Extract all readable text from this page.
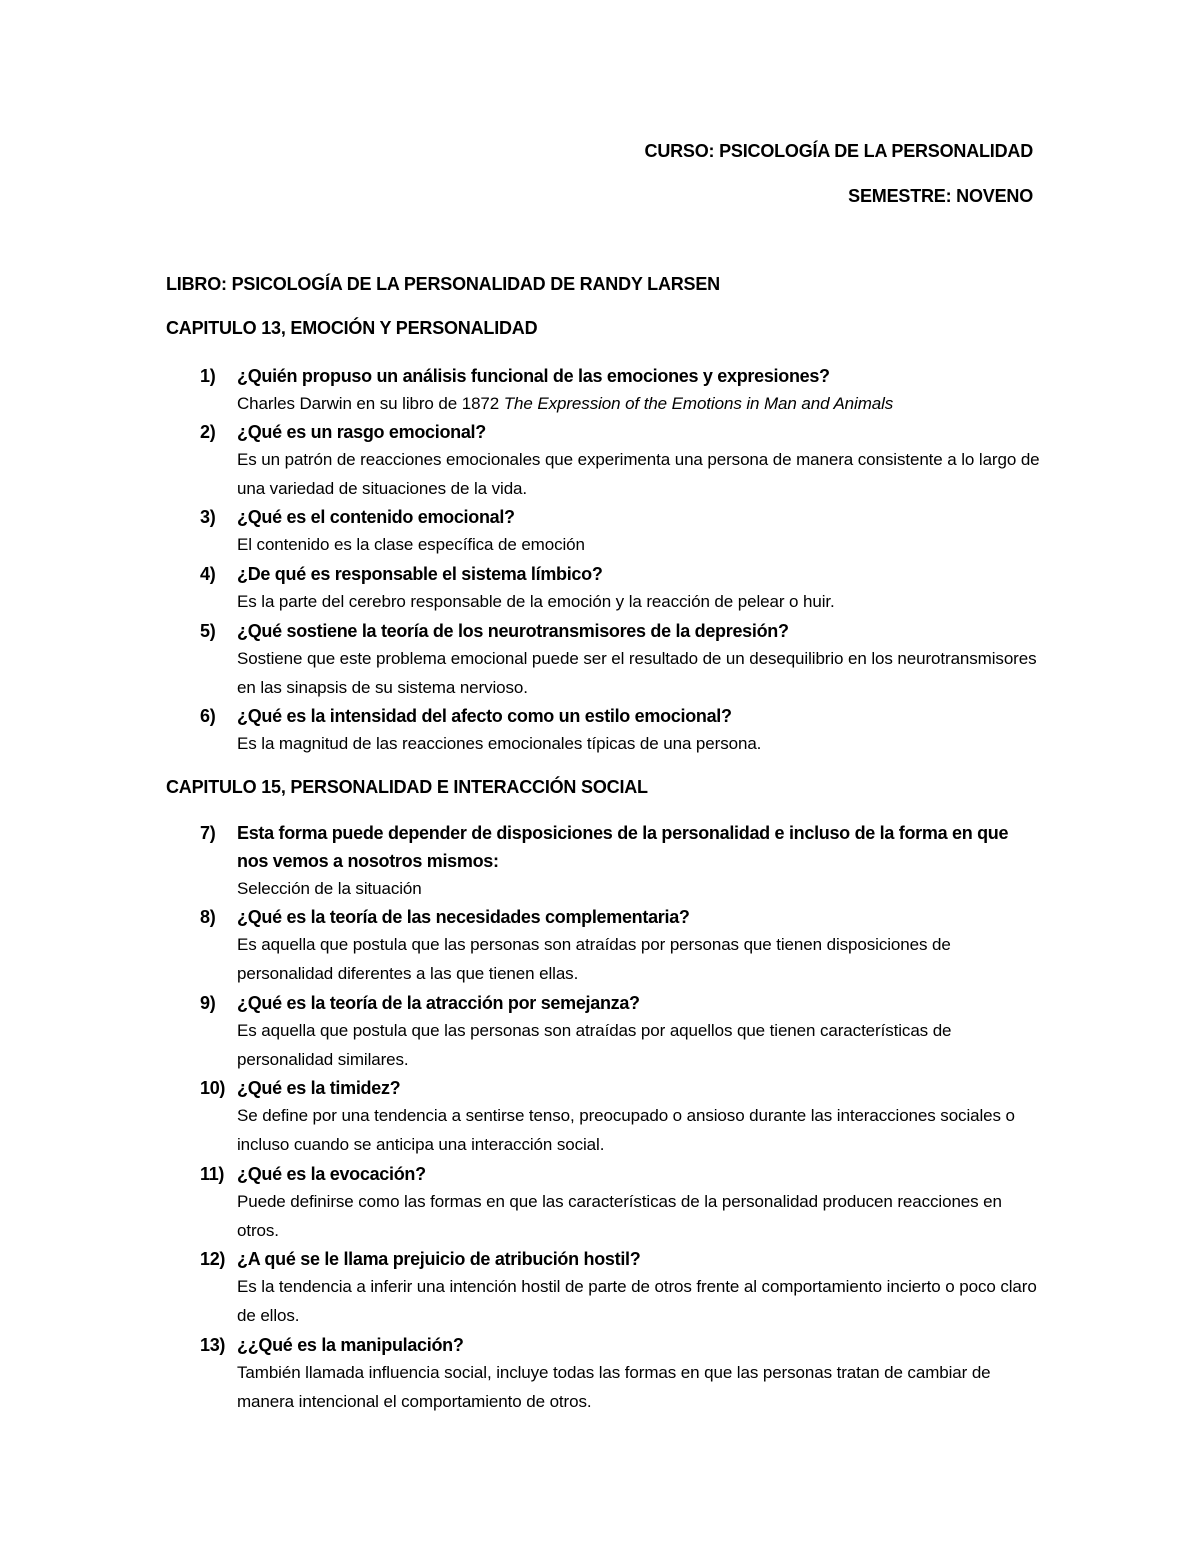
CURSO: PSICOLOGÍA DE LA PERSONALIDAD
SEMESTRE: NOVENO
LIBRO: PSICOLOGÍA DE LA PERSONALIDAD DE RANDY LARSEN
CAPITULO 13, EMOCIÓN Y PERSONALIDAD
1) ¿Quién propuso un análisis funcional de las emociones y expresiones?
Charles Darwin en su libro de 1872 The Expression of the Emotions in Man and Animals
2) ¿Qué es un rasgo emocional?
Es un patrón de reacciones emocionales que experimenta una persona de manera consistente a lo largo de una variedad de situaciones de la vida.
3) ¿Qué es el contenido emocional?
El contenido es la clase específica de emoción
4) ¿De qué es responsable el sistema límbico?
Es la parte del cerebro responsable de la emoción y la reacción de pelear o huir.
5) ¿Qué sostiene la teoría de los neurotransmisores de la depresión?
Sostiene que este problema emocional puede ser el resultado de un desequilibrio en los neurotransmisores en las sinapsis de su sistema nervioso.
6) ¿Qué es la intensidad del afecto como un estilo emocional?
Es la magnitud de las reacciones emocionales típicas de una persona.
CAPITULO 15, PERSONALIDAD E INTERACCIÓN SOCIAL
7) Esta forma puede depender de disposiciones de la personalidad e incluso de la forma en que nos vemos a nosotros mismos:
Selección de la situación
8) ¿Qué es la teoría de las necesidades complementaria?
Es aquella que postula que las personas son atraídas por personas que tienen disposiciones de personalidad diferentes a las que tienen ellas.
9) ¿Qué es la teoría de la atracción por semejanza?
Es aquella que postula que las personas son atraídas por aquellos que tienen características de personalidad similares.
10) ¿Qué es la timidez?
Se define por una tendencia a sentirse tenso, preocupado o ansioso durante las interacciones sociales o incluso cuando se anticipa una interacción social.
11) ¿Qué es la evocación?
Puede definirse como las formas en que las características de la personalidad producen reacciones en otros.
12) ¿A qué se le llama prejuicio de atribución hostil?
Es la tendencia a inferir una intención hostil de parte de otros frente al comportamiento incierto o poco claro de ellos.
13) ¿¿Qué es la manipulación?
También llamada influencia social, incluye todas las formas en que las personas tratan de cambiar de manera intencional el comportamiento de otros.
